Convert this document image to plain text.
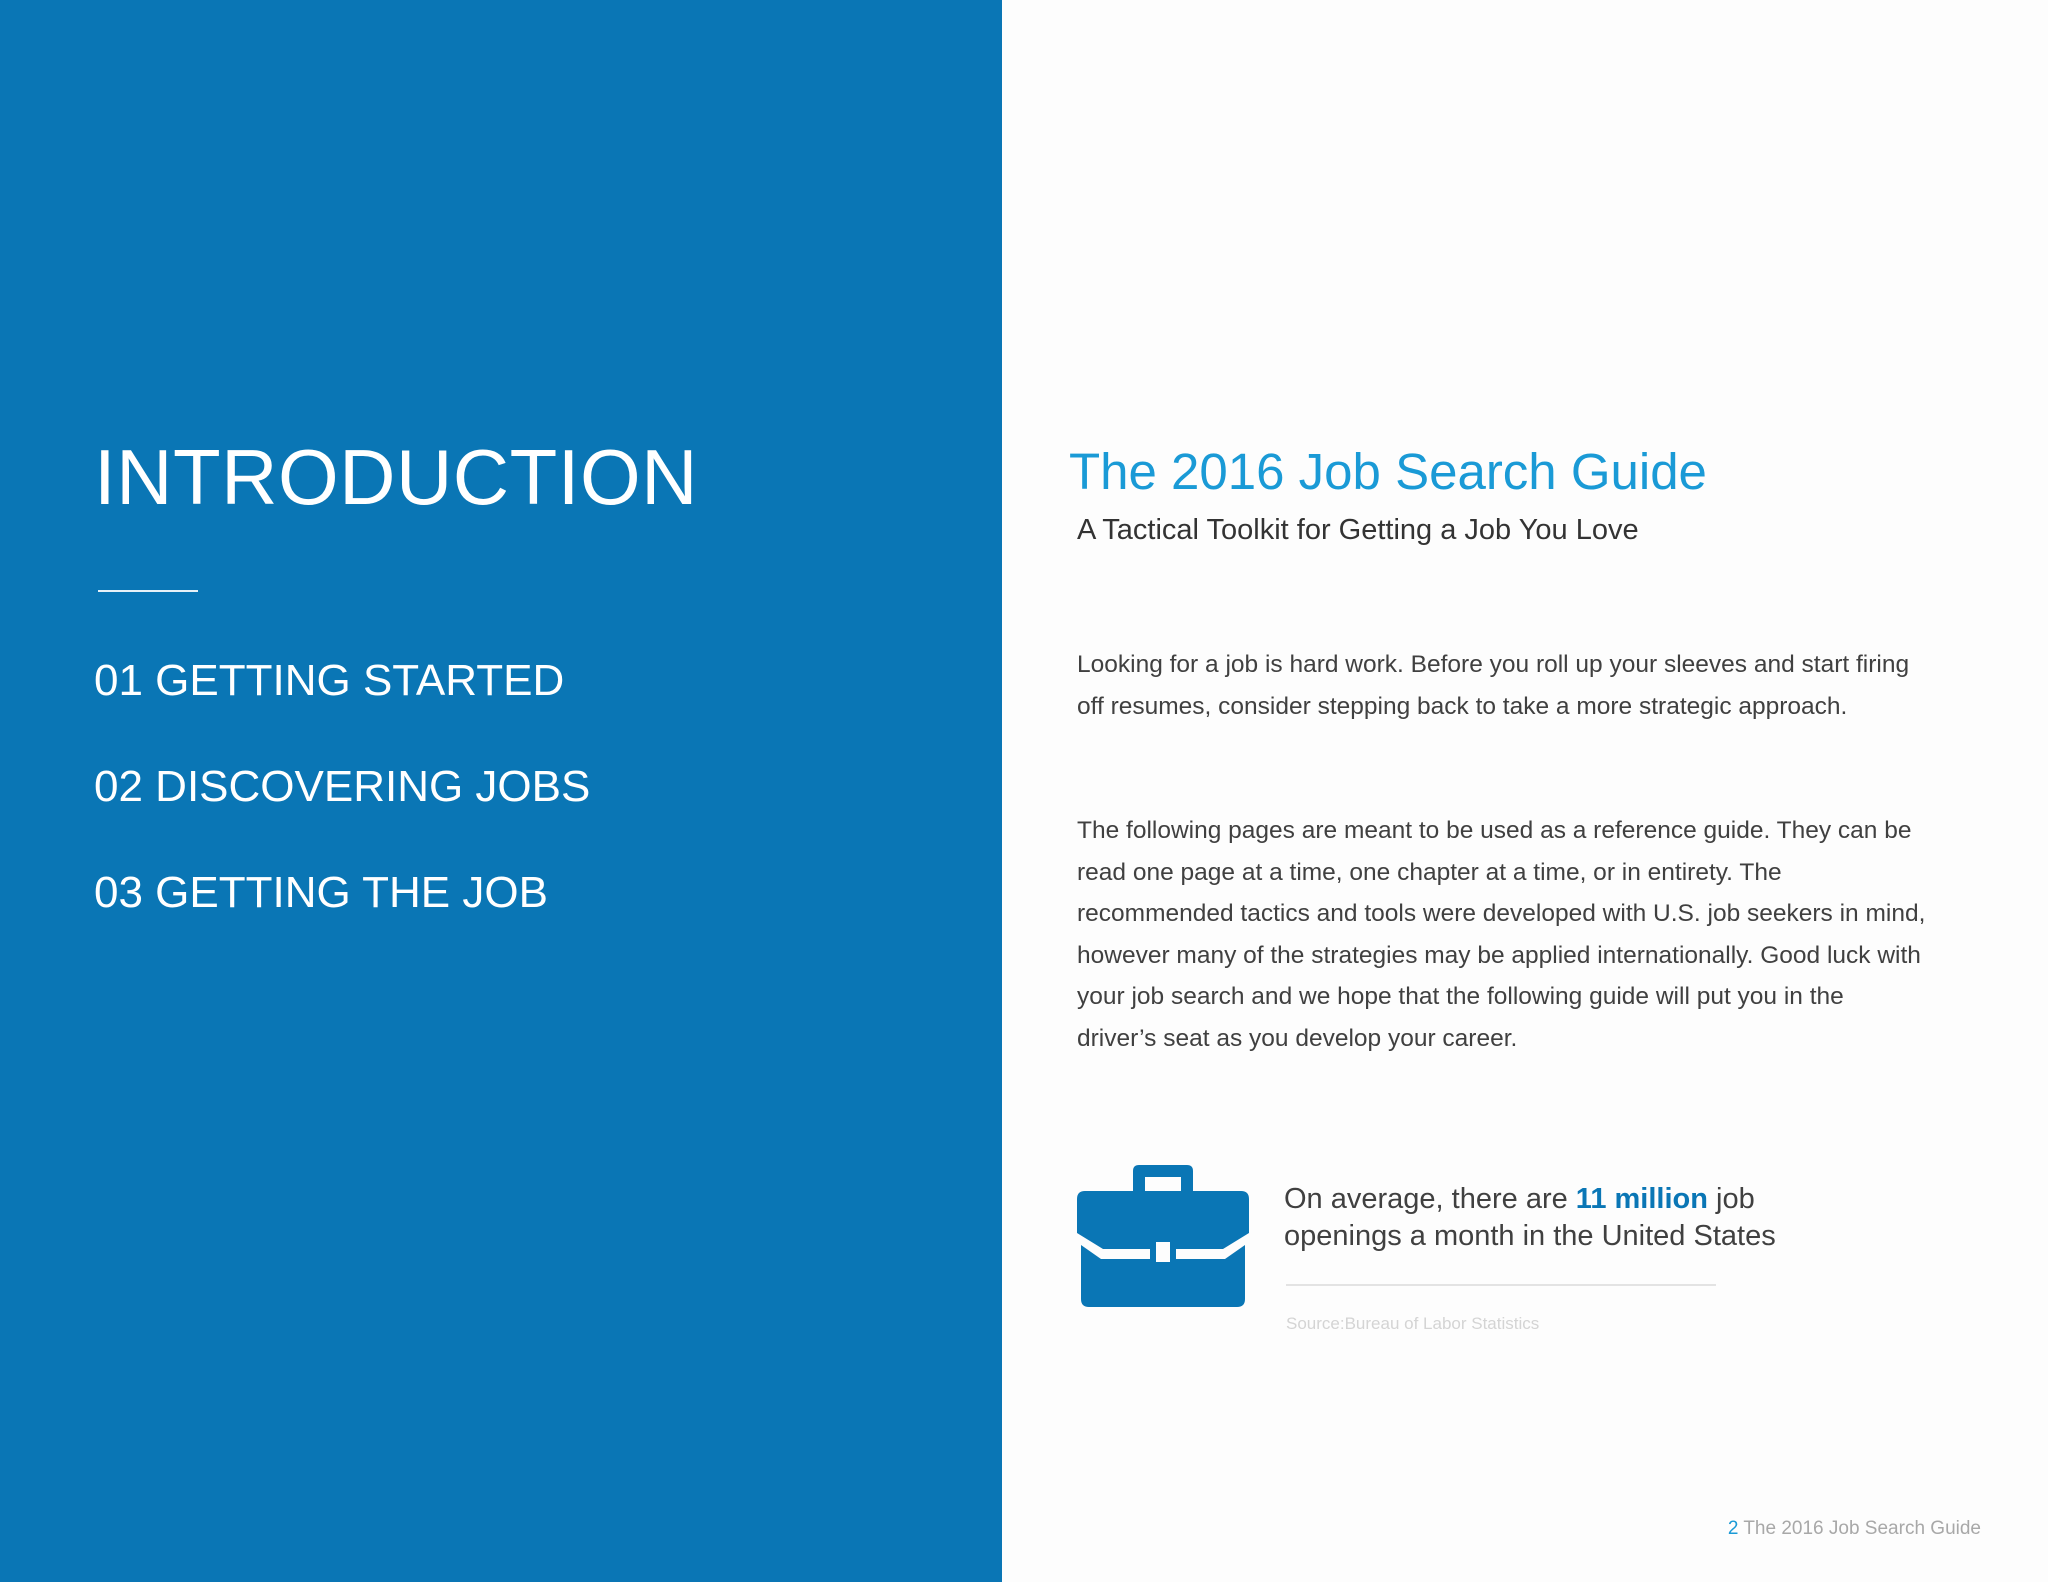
INTRODUCTION
01 GETTING STARTED
02 DISCOVERING JOBS
03 GETTING THE JOB
The 2016 Job Search Guide
A Tactical Toolkit for Getting a Job You Love

Looking for a job is hard work. Before you roll up your sleeves and start firing off resumes, consider stepping back to take a more strategic approach.

The following pages are meant to be used as a reference guide. They can be read one page at a time, one chapter at a time, or in entirety. The recommended tactics and tools were developed with U.S. job seekers in mind, however many of the strategies may be applied internationally. Good luck with your job search and we hope that the following guide will put you in the driver’s seat as you develop your career.

On average, there are 11 million job openings a month in the United States
Source:Bureau of Labor Statistics
2 The 2016 Job Search Guide
